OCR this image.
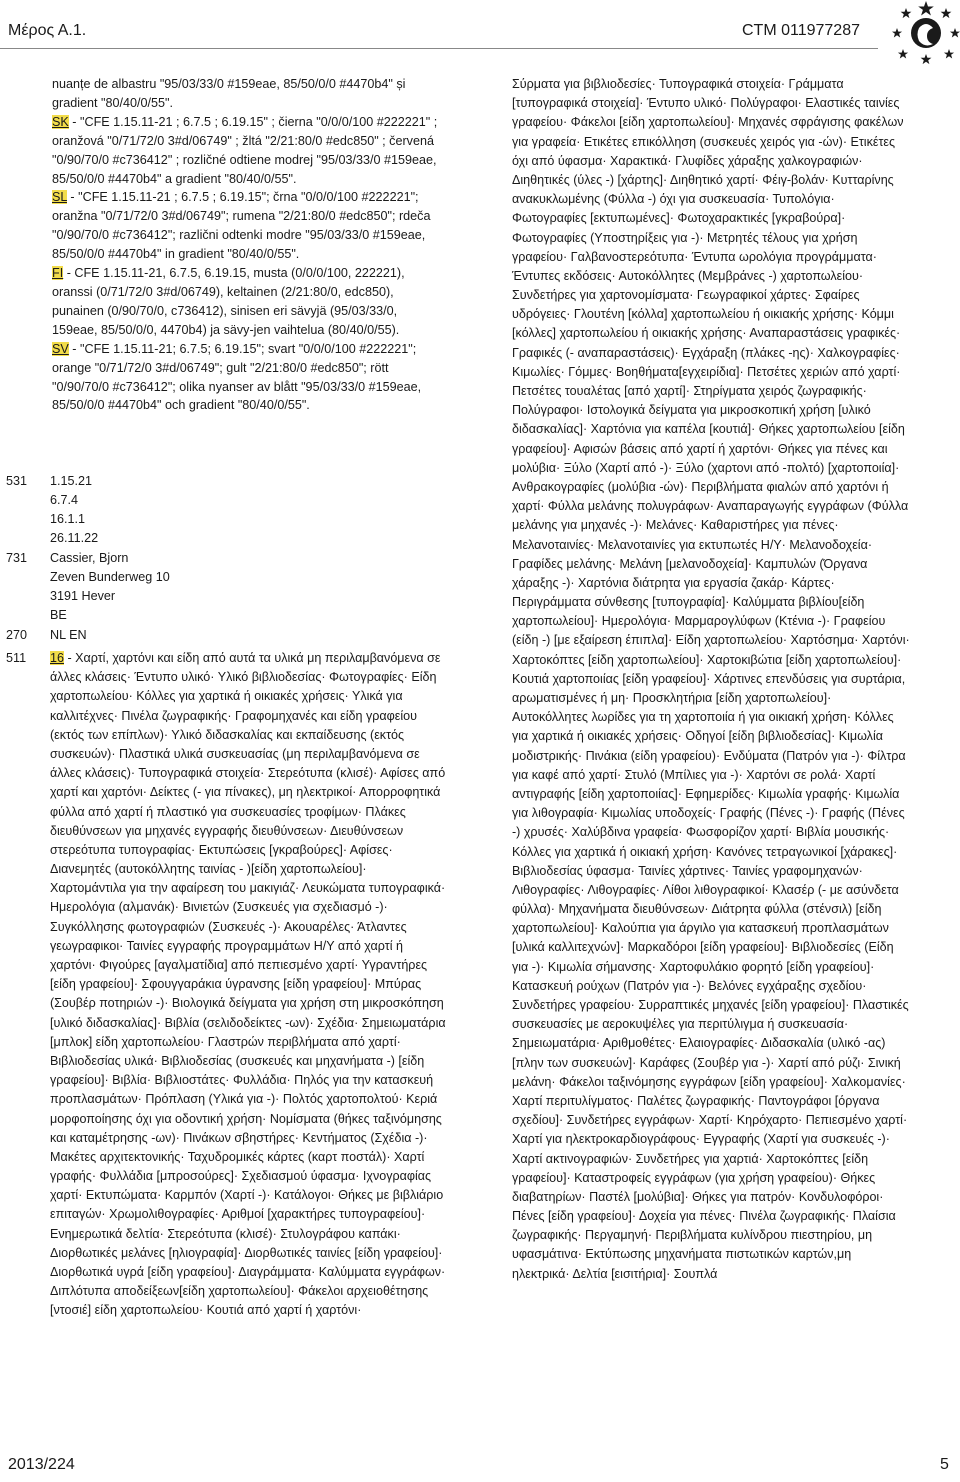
Μέρος Α.1.	CTM 011977287

nuanțe de albastru "95/03/33/0 #159eae, 85/50/0/0 #4470b4" și gradient "80/40/0/55".

SK - "CFE 1.15.11-21 ; 6.7.5 ; 6.19.15" ; čierna "0/0/0/100 #222221" ; oranžová "0/71/72/0 3#d/06749" ; žltá "2/21:80/0 #edc850" ; červená "0/90/70/0 #c736412" ; rozličné odtiene modrej "95/03/33/0 #159eae, 85/50/0/0 #4470b4" a gradient "80/40/0/55".

SL - "CFE 1.15.11-21 ; 6.7.5 ; 6.19.15"; črna "0/0/0/100 #222221"; oranžna "0/71/72/0 3#d/06749"; rumena "2/21:80/0 #edc850"; rdeča "0/90/70/0 #c736412"; različni odtenki modre "95/03/33/0 #159eae, 85/50/0/0 #4470b4" in gradient "80/40/0/55".

FI - CFE 1.15.11-21, 6.7.5, 6.19.15, musta (0/0/0/100, 222221), oranssi (0/71/72/0 3#d/06749), keltainen (2/21:80/0, edc850), punainen (0/90/70/0, c736412), sinisen eri sävyjä (95/03/33/0, 159eae, 85/50/0/0, 4470b4) ja sävy-jen vaihtelua (80/40/0/55).

SV - "CFE 1.15.11-21; 6.7.5; 6.19.15"; svart "0/0/0/100 #222221"; orange "0/71/72/0 3#d/06749"; gult "2/21:80/0 #edc850"; rött "0/90/70/0 #c736412"; olika nyanser av blått "95/03/33/0 #159eae, 85/50/0/0 #4470b4" och gradient "80/40/0/55".

531	1.15.21
6.7.4
16.1.1
26.11.22
731	Cassier, Bjorn
Zeven Bunderweg 10
3191 Hever
BE
270	NL EN
511	16 - Χαρτί, χαρτόνι και είδη από αυτά τα υλικά μη περιλαμβανόμενα σε άλλες κλάσεις· Έντυπο υλικό· Υλικό βιβλιοδεσίας· Φωτογραφίες· Είδη χαρτοπωλείου· Κόλλες για χαρτικά ή οικιακές χρήσεις· Υλικά για καλλιτέχνες· Πινέλα ζωγραφικής· Γραφομηχανές και είδη γραφείου (εκτός των επίπλων)· Υλικό διδασκαλίας και εκπαίδευσης (εκτός συσκευών)· Πλαστικά υλικά συσκευασίας (μη περιλαμβανόμενα σε άλλες κλάσεις)· Τυπογραφικά στοιχεία· Στερεότυπα (κλισέ)· Αφίσες από χαρτί και χαρτόνι· Δείκτες (- για πίνακες), μη ηλεκτρικοί· Απορροφητικά φύλλα από χαρτί ή πλαστικό για συσκευασίες τροφίμων· Πλάκες διευθύνσεων για μηχανές εγγραφής διευθύνσεων· Διευθύνσεων στερεότυπα τυπογραφίας· Εκτυπώσεις [γκραβούρες]· Αφίσες· Διανεμητές (αυτοκόλλητης ταινίας - )[είδη χαρτοπωλείου]· Χαρτομάντιλα για την αφαίρεση του μακιγιάζ· Λευκώματα τυπογραφικά· Ημερολόγια (αλμανάκ)· Βινιετών (Συσκευές για σχεδιασμό -)· Συγκόλλησης φωτογραφιών (Συσκευές -)· Ακουαρέλες· Άτλαντες γεωγραφικοι· Ταινίες εγγραφής προγραμμάτων Η/Υ από χαρτί ή χαρτόνι· Φιγούρες [αγαλματίδια] από πεπιεσμένο χαρτί· Υγραντήρες [είδη γραφείου]· Σφουγγαράκια ύγρανσης [είδη γραφείου]· Μπύρας (Σουβέρ ποτηριών -)· Βιολογικά δείγματα για χρήση στη μικροσκόπηση [υλικό διδασκαλίας]· Βιβλία (σελιδοδείκτες -ων)· Σχέδια· Σημειωματάρια [μπλοκ] είδη χαρτοπωλείου· Γλαστρών περιβλήματα από χαρτί· Βιβλιοδεσίας υλικά· Βιβλιοδεσίας (συσκευές και μηχανήματα -) [είδη γραφείου]· Βιβλία· Βιβλιοστάτες· Φυλλάδια· Πηλός για την κατασκευή προπλασμάτων· Πρόπλαση (Υλικά για -)· Πολτός χαρτοπολτού· Κεριά μορφοποίησης όχι για οδοντική χρήση· Νομίσματα (θήκες ταξινόμησης και καταμέτρησης -ων)· Πινάκων σβηστήρες· Κεντήματος (Σχέδια -)· Μακέτες αρχιτεκτονικής· Ταχυδρομικές κάρτες (καρτ ποστάλ)· Χαρτί γραφής· Φυλλάδια [μπροσούρες]· Σχεδιασμού ύφασμα· Ιχνογραφίας χαρτί· Εκτυπώματα· Καρμπόν (Χαρτί -)· Κατάλογοι· Θήκες με βιβλιάριο επιταγών· Χρωμολιθογραφίες· Αριθμοί [χαρακτήρες τυπογραφείου]· Ενημερωτικά δελτία· Στερεότυπα (κλισέ)· Στυλογράφου καπάκι· Διορθωτικές μελάνες [ηλιογραφία]· Διορθωτικές ταινίες [είδη γραφείου]· Διορθωτικά υγρά [είδη γραφείου]· Διαγράμματα· Καλύμματα εγγράφων· Διπλότυπα αποδείξεων[είδη χαρτοπωλείου]· Φάκελοι αρχειοθέτησης [ντοσιέ] είδη χαρτοπωλείου· Κουτιά από χαρτί ή χαρτόνι·
Σύρματα για βιβλιοδεσίες· Τυπογραφικά στοιχεία· Γράμματα [τυπογραφικά στοιχεία]· Έντυπο υλικό· Πολύγραφοι· Ελαστικές ταινίες γραφείου· Φάκελοι [είδη χαρτοπωλείου]· Μηχανές σφράγισης φακέλων για γραφεία· Ετικέτες επικόλληση (συσκευές χειρός για -ών)· Ετικέτες όχι από ύφασμα· Χαρακτικά· Γλυφίδες χάραξης χαλκογραφιών· Διηθητικές (ύλες -) [χάρτης]· Διηθητικό χαρτί· Φέιγ-βολάν· Κυτταρίνης ανακυκλωμένης (Φύλλα -) όχι για συσκευασία· Τυπολόγια· Φωτογραφίες [εκτυπωμένες]· Φωτοχαρακτικές [γκραβούρα]· Φωτογραφίες (Υποστηρίξεις για -)· Μετρητές τέλους για χρήση γραφείου· Γαλβανοστερεότυπα· Έντυπα ωρολόγια προγράμματα· Έντυπες εκδόσεις· Αυτοκόλλητες (Μεμβράνες -) χαρτοπωλείου· Συνδετήρες για χαρτονομίσματα· Γεωγραφικοί χάρτες· Σφαίρες υδρόγειες· Γλουτένη [κόλλα] χαρτοπωλείου ή οικιακής χρήσης· Κόμμι [κόλλες] χαρτοπωλείου ή οικιακής χρήσης· Αναπαραστάσεις γραφικές· Γραφικές (- αναπαραστάσεις)· Εγχάραξη (πλάκες -ης)· Χαλκογραφίες· Κιμωλίες· Γόμμες· Βοηθήματα[εγχειρίδια]· Πετσέτες χεριών από χαρτί· Πετσέτες τουαλέτας [από χαρτί]· Στηρίγματα χειρός ζωγραφικής· Πολύγραφοι· Ιστολογικά δείγματα για μικροσκοπική χρήση [υλικό διδασκαλίας]· Χαρτόνια για καπέλα [κουτιά]· Θήκες χαρτοπωλείου [είδη γραφείου]· Αφισών βάσεις από χαρτί ή χαρτόνι· Θήκες για πένες και μολύβια· Ξύλο (Χαρτί από -)· Ξύλο (χαρτονι από -πολτό) [χαρτοποιία]· Ανθρακογραφίες (μολύβια -ών)· Περιβλήματα φιαλών από χαρτόνι ή χαρτί· Φύλλα μελάνης πολυγράφων· Αναπαραγωγής εγγράφων (Φύλλα μελάνης για μηχανές -)· Μελάνες· Καθαριστήρες για πένες· Μελανοταινίες· Μελανοταινίες για εκτυπωτές Η/Υ· Μελανοδοχεία· Γραφίδες μελάνης· Μελάνη [μελανοδοχεία]· Καμπυλών (Όργανα χάραξης -)· Χαρτόνια διάτρητα για εργασία ζακάρ· Κάρτες· Περιγράμματα σύνθεσης [τυπογραφία]· Καλύμματα βιβλίου[είδη χαρτοπωλείου]· Ημερολόγια· Μαρμαρογλύφων (Κτένια -)· Γραφείου (είδη -) [με εξαίρεση έπιπλα]· Είδη χαρτοπωλείου· Χαρτόσημα· Χαρτόνι· Χαρτοκόπτες [είδη χαρτοπωλείου]· Χαρτοκιβώτια [είδη χαρτοπωλείου]· Κουτιά χαρτοποιίας [είδη γραφείου]· Χάρτινες επενδύσεις για συρτάρια, αρωματισμένες ή μη· Προσκλητήρια [είδη χαρτοπωλείου]· Αυτοκόλλητες λωρίδες για τη χαρτοποιία ή για οικιακή χρήση· Κόλλες για χαρτικά ή οικιακές χρήσεις· Οδηγοί [είδη βιβλιοδεσίας]· Κιμωλία μοδιστρικής· Πινάκια (είδη γραφείου)· Ενδύματα (Πατρόν για -)· Φίλτρα για καφέ από χαρτί· Στυλό (Μπίλιες για -)· Χαρτόνι σε ρολά· Χαρτί αντιγραφής [είδη χαρτοποιίας]· Εφημερίδες· Κιμωλία γραφής· Κιμωλία για λιθογραφία· Κιμωλίας υποδοχείς· Γραφής (Πένες -)· Γραφής (Πένες -) χρυσές· Χαλύβδινα γραφεία· Φωσφορίζον χαρτί· Βιβλία μουσικής· Κόλλες για χαρτικά ή οικιακή χρήση· Κανόνες τετραγωνικοί [χάρακες]· Βιβλιοδεσίας ύφασμα· Ταινίες χάρτινες· Ταινίες γραφομηχανών· Λιθογραφίες· Λιθογραφίες· Λίθοι λιθογραφικοί· Κλασέρ (- με ασύνδετα φύλλα)· Μηχανήματα διευθύνσεων· Διάτρητα φύλλα (στένσιλ) [είδη χαρτοπωλείου]· Καλούπια για άργιλο για κατασκευή προπλασμάτων [υλικά καλλιτεχνών]· Μαρκαδόροι [είδη γραφείου]· Βιβλιοδεσίες (Είδη για -)· Κιμωλία σήμανσης· Χαρτοφυλάκιο φορητό [είδη γραφείου]· Κατασκευή ρούχων (Πατρόν για -)· Βελόνες εγχάραξης σχεδίου· Συνδετήρες γραφείου· Συρραπτικές μηχανές [είδη γραφείου]· Πλαστικές συσκευασίες με αεροκυψέλες για περιτύλιγμα ή συσκευασία· Σημειωματάρια· Αριθμοθέτες· Ελαιογραφίες· Διδασκαλία (υλικό -ας) [πλην των συσκευών]· Καράφες (Σουβέρ για -)· Χαρτί από ρύζι· Σινική μελάνη· Φάκελοι ταξινόμησης εγγράφων [είδη γραφείου]· Χαλκομανίες· Χαρτί περιτυλίγματος· Παλέτες ζωγραφικής· Παντογράφοι [όργανα σχεδίου]· Συνδετήρες εγγράφων· Χαρτί· Κηρόχαρτο· Πεπιεσμένο χαρτί· Χαρτί για ηλεκτροκαρδιογράφους· Εγγραφής (Χαρτί για συσκευές -)· Χαρτί ακτινογραφιών· Συνδετήρες για χαρτιά· Χαρτοκόπτες [είδη γραφείου]· Καταστροφείς εγγράφων (για χρήση γραφείου)· Θήκες διαβατηρίων· Παστέλ [μολύβια]· Θήκες για πατρόν· Κονδυλοφόροι· Πένες [είδη γραφείου]· Δοχεία για πένες· Πινέλα ζωγραφικής· Πλαίσια ζωγραφικής· Περγαμηνή· Περιβλήματα κυλίνδρου πιεστηρίου, μη υφασμάτινα· Εκτύπωσης μηχανήματα πιστωτικών καρτών,μη ηλεκτρικά· Δελτία [εισιτήρια]· Σουπλά
2013/224	5
